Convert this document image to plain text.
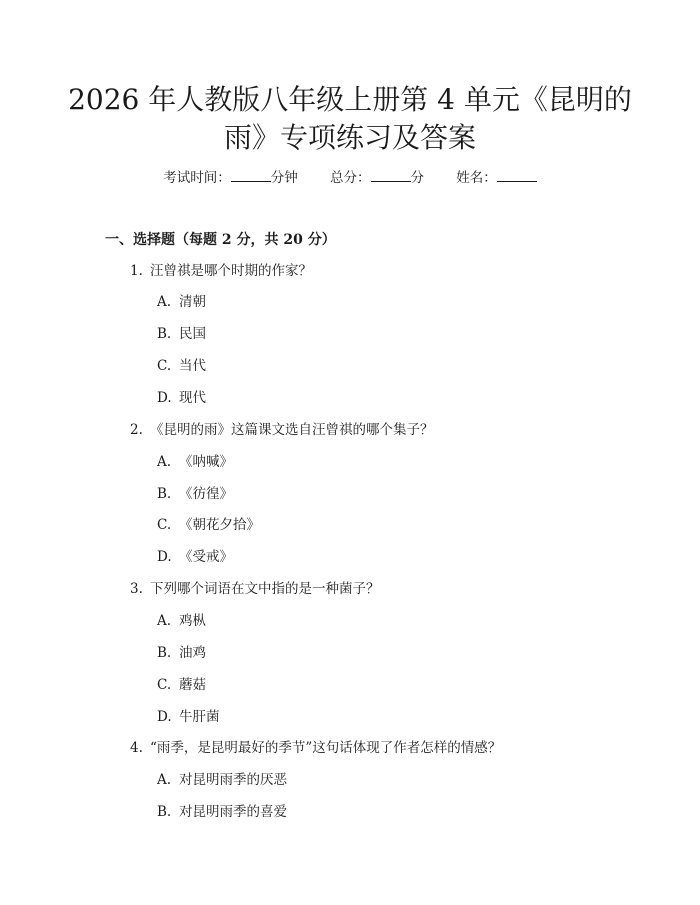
2026 年人教版八年级上册第 4 单元《昆明的
雨》专项练习及答案
考试时间：	分钟 总分：	分 姓名：
一、选择题（每题 2 分，共 20 分）
1. 汪曾祺是哪个时期的作家？
A. 清朝
B. 民国
C. 当代
D. 现代
2. 《昆明的雨》这篇课文选自汪曾祺的哪个集子？
A. 《呐喊》
B. 《彷徨》
C. 《朝花夕拾》
D. 《受戒》
3. 下列哪个词语在文中指的是一种菌子？
A. 鸡枞
B. 油鸡
C. 蘑菇
D. 牛肝菌
4. “雨季，是昆明最好的季节”这句话体现了作者怎样的情感？
A. 对昆明雨季的厌恶
B. 对昆明雨季的喜爱
